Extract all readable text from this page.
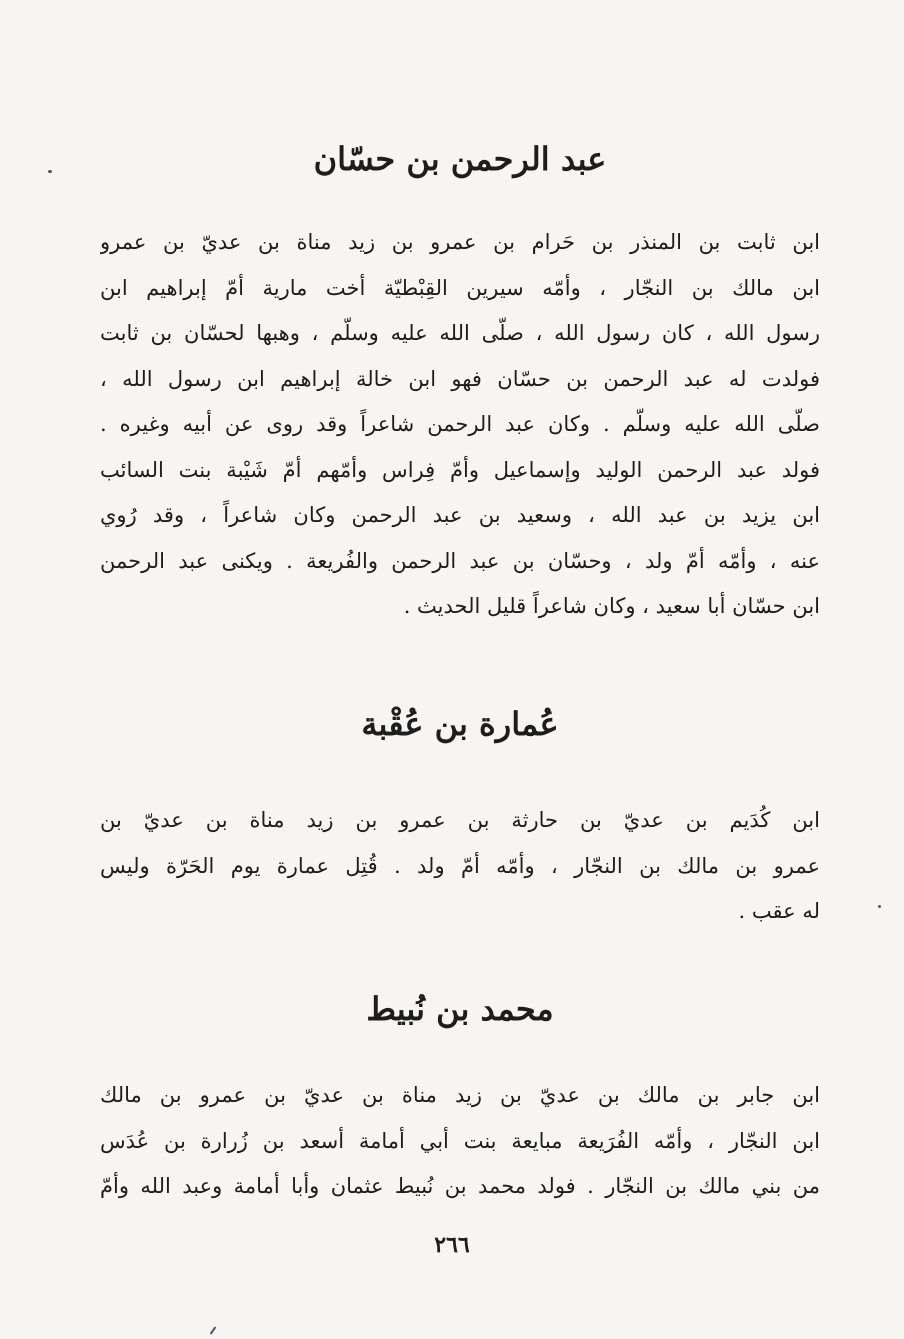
عبد الرحمن بن حسّان

ابن ثابت بن المنذر بن حَرام بن عمرو بن زيد مناة بن عديّ بن عمرو
ابن مالك بن النجّار ، وأمّه سيرين القِبْطيّة أخت مارية أمّ إبراهيم ابن
رسول الله ، كان رسول الله ، صلّى الله عليه وسلّم ، وهبها لحسّان بن ثابت
فولدت له عبد الرحمن بن حسّان فهو ابن خالة إبراهيم ابن رسول الله ،
صلّى الله عليه وسلّم . وكان عبد الرحمن شاعراً وقد روى عن أبيه وغيره .
فولد عبد الرحمن الوليد وإسماعيل وأمّ فِراس وأمّهم أمّ شَيْبة بنت السائب
ابن يزيد بن عبد الله ، وسعيد بن عبد الرحمن وكان شاعراً ، وقد رُوي
عنه ، وأمّه أمّ ولد ، وحسّان بن عبد الرحمن والفُريعة . ويكنى عبد الرحمن
ابن حسّان أبا سعيد ، وكان شاعراً قليل الحديث .

عُمارة بن عُقْبة

ابن كُدَيم بن عديّ بن حارثة بن عمرو بن زيد مناة بن عديّ بن
عمرو بن مالك بن النجّار ، وأمّه أمّ ولد . قُتِل عمارة يوم الحَرّة وليس
له عقب .

محمد بن نُبيط

ابن جابر بن مالك بن عديّ بن زيد مناة بن عديّ بن عمرو بن مالك
ابن النجّار ، وأمّه الفُرَيعة مبايعة بنت أبي أمامة أسعد بن زُرارة بن عُدَس
من بني مالك بن النجّار . فولد محمد بن نُبيط عثمان وأبا أمامة وعبد الله وأمّ

٢٦٦
